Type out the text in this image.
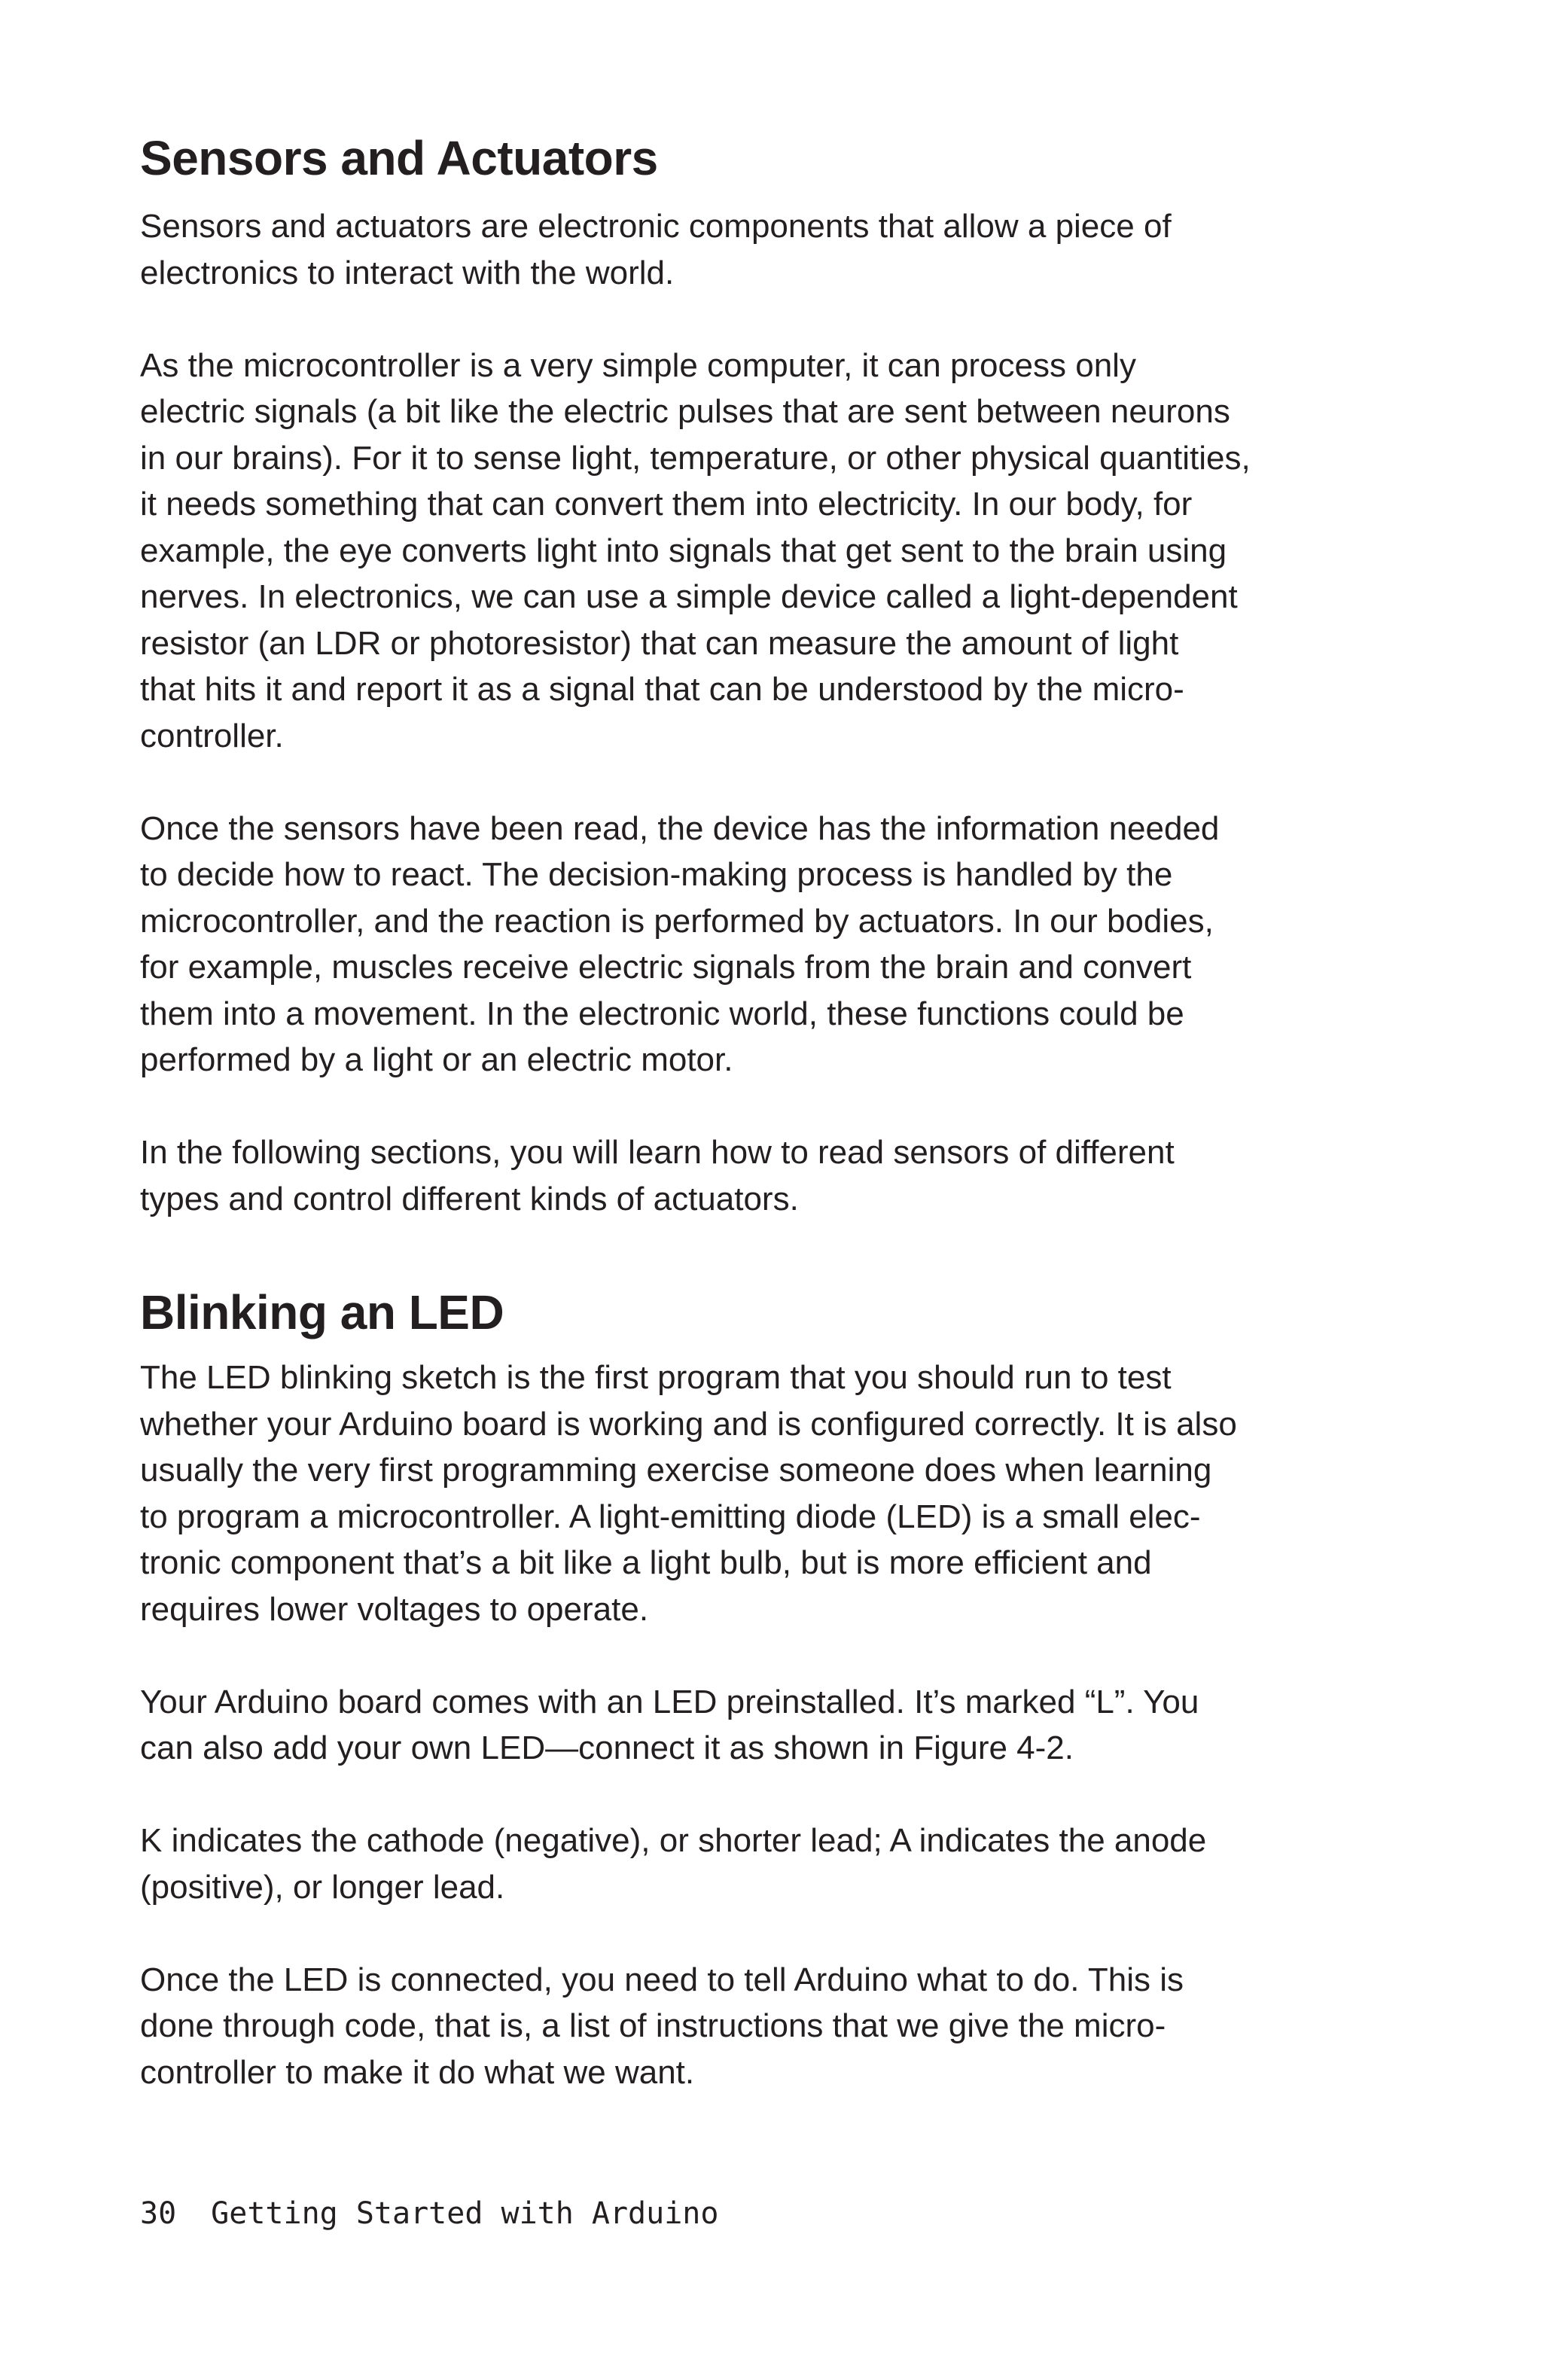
Sensors and Actuators

Sensors and actuators are electronic components that allow a piece of
electronics to interact with the world.

As the microcontroller is a very simple computer, it can process only
electric signals (a bit like the electric pulses that are sent between neurons
in our brains). For it to sense light, temperature, or other physical quantities,
it needs something that can convert them into electricity. In our body, for
example, the eye converts light into signals that get sent to the brain using
nerves. In electronics, we can use a simple device called a light-dependent
resistor (an LDR or photoresistor) that can measure the amount of light
that hits it and report it as a signal that can be understood by the micro-
controller.

Once the sensors have been read, the device has the information needed
to decide how to react. The decision-making process is handled by the
microcontroller, and the reaction is performed by actuators. In our bodies,
for example, muscles receive electric signals from the brain and convert
them into a movement. In the electronic world, these functions could be
performed by a light or an electric motor.

In the following sections, you will learn how to read sensors of different
types and control different kinds of actuators.

Blinking an LED

The LED blinking sketch is the first program that you should run to test
whether your Arduino board is working and is configured correctly. It is also
usually the very first programming exercise someone does when learning
to program a microcontroller. A light-emitting diode (LED) is a small elec-
tronic component that’s a bit like a light bulb, but is more efficient and
requires lower voltages to operate.

Your Arduino board comes with an LED preinstalled. It’s marked “L”. You
can also add your own LED—connect it as shown in Figure 4-2.

K indicates the cathode (negative), or shorter lead; A indicates the anode
(positive), or longer lead.

Once the LED is connected, you need to tell Arduino what to do. This is
done through code, that is, a list of instructions that we give the micro-
controller to make it do what we want.

30 Getting Started with Arduino
